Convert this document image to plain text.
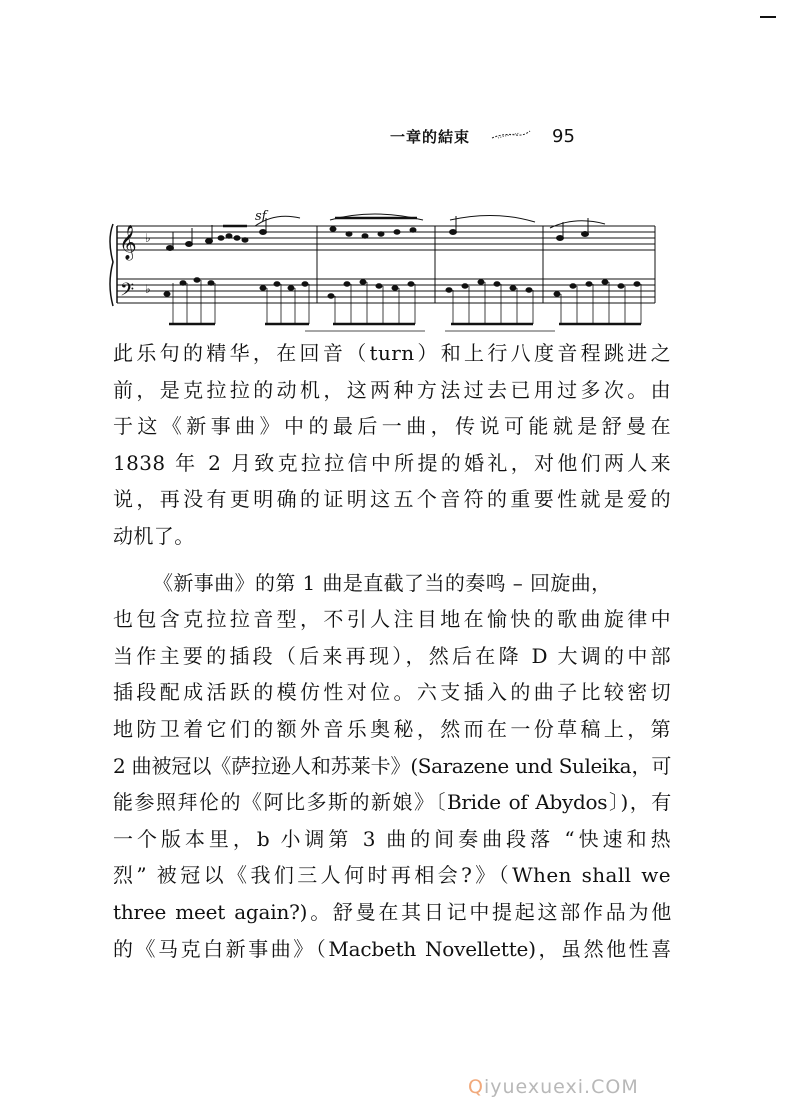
一章的結束	95
𝄞
𝄢
♭
♭
sf

此乐句的精华，在回音（turn）和上行八度音程跳进之

前，是克拉拉的动机，这两种方法过去已用过多次。由

于这《新事曲》中的最后一曲，传说可能就是舒曼在

1838 年 2 月致克拉拉信中所提的婚礼，对他们两人来

说，再没有更明确的证明这五个音符的重要性就是爱的

动机了。

《新事曲》的第 1 曲是直截了当的奏鸣 – 回旋曲，

也包含克拉拉音型，不引人注目地在愉快的歌曲旋律中

当作主要的插段（后来再现），然后在降 D 大调的中部

插段配成活跃的模仿性对位。六支插入的曲子比较密切

地防卫着它们的额外音乐奥秘，然而在一份草稿上，第

2 曲被冠以《萨拉逊人和苏莱卡》(Sarazene und Suleika，可

能参照拜伦的《阿比多斯的新娘》〔Bride of Abydos〕)，有

一个版本里，b 小调第 3 曲的间奏曲段落 “快速和热

烈” 被冠以《我们三人何时再相会?》（When shall we

three meet again?)。舒曼在其日记中提起这部作品为他

的《马克白新事曲》（Macbeth Novellette)，虽然他性喜

Qiyuexuexi.COM
